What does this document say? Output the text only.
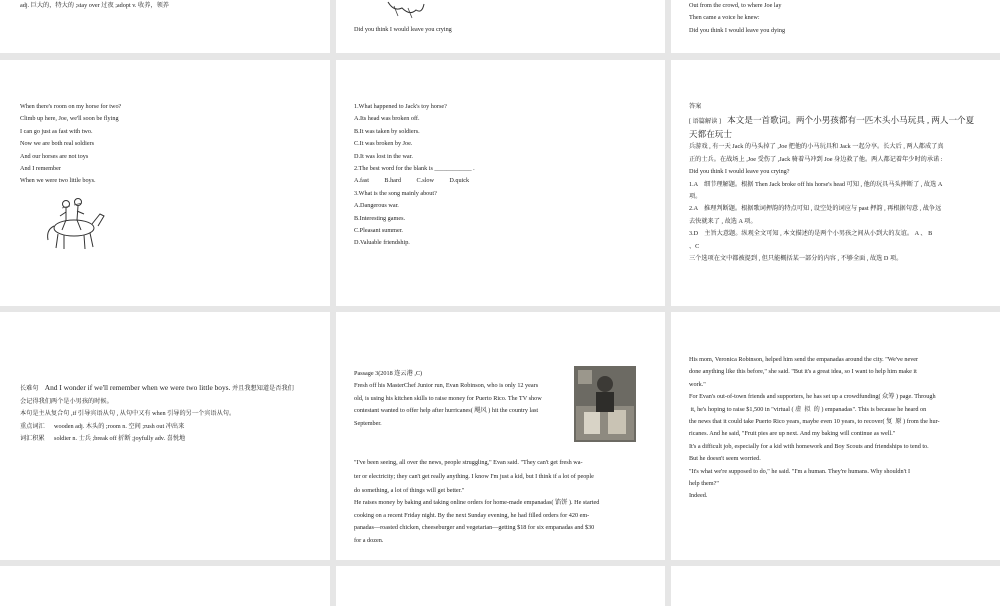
adj. 巨大的，特大的 ;stay over 过夜 ;adopt v. 收养，领养
Did you think I would leave you crying
Out from the crowd, to where Joe lay
Then came a voice he knew:
Did you think I would leave you dying
When there's room on my horse for two?
Climb up here, Joe, we'll soon be flying
I can go just as fast with two.
Now we are both real soldiers
And our horses are not toys
And I remember
When we were two little boys.
1.What happened to Jack's toy horse?
A.Its head was broken off.
B.It was taken by soldiers.
C.It was broken by Joe.
D.It was lost in the war.
2.The best word for the blank is ____________ .
A.fast          B.hard          C.slow          D.quick
3.What is the song mainly about?
A.Dangerous war.
B.Interesting games.
C.Pleasant summer.
D.Valuable friendship.
答案
[ 语篇解读 ] 本文是一首歌词。两个小男孩都有一匹木头小马玩具 , 两人一个夏
天都在玩士
兵游戏 , 有一天 Jack 的马头掉了 ,Joe 把他的小马玩具和 Jack 一起分享。长大后 , 两人都成了真
正的士兵。在战场上 ,Joe 受伤了 ,Jack 骑着马冲到 Joe 身边救了他。两人都记着年少时的承诺 :
Did you think I would leave you crying?
1.A    细节理解题。根据 Then Jack broke off his horse's head 可知 , 他的玩具马头摔断了 , 故选 A
项。
2.A    推理判断题。根据歌词押韵的特点可知 , 设空处的词应与 past 押韵 , 再根据句意 , 战争远
去快就来了 , 故选 A 项。
3.D    主旨大意题。纵观全文可知 , 本文描述的是两个小男孩之间从小到大的友谊。 A 、 B
、C
三个选项在文中都被提到 , 但只能概括某一部分的内容 , 不够全面 , 故选 D 项。
长难句 And I wonder if we'll remember when we were two little boys. 并且我想知道是否我们
会记得我们两个是小男孩的时候。
本句是主从复合句 ,if 引导宾语从句 , 从句中又有 when 引导的另一个宾语从句。
重点词汇      wooden adj. 木头的 ;room n. 空间 ;rush out 冲出来
词汇积累      soldier n. 士兵 ;break off 折断 ;joyfully adv. 喜悦地
Passage 3(2018 连云港 ,C)
Fresh off his MasterChef Junior run, Evan Robinson, who is only 12 years
old, is using his kitchen skills to raise money for Puerto Rico. The TV show
contestant wanted to offer help after hurricanes( 飓风 ) hit the country last
September.
"I've been seeing, all over the news, people struggling," Evan said. "They can't get fresh wa-
ter or electricity; they can't get really anything. I know I'm just a kid, but I think if a lot of people
do something, a lot of things will get better."
He raises money by baking and taking online orders for home-made empanadas( 馅饼 ). He started
cooking on a recent Friday night. By the next Sunday evening, he had filled orders for 420 em-
panadas—roasted chicken, cheeseburger and vegetarian—getting $18 for six empanadas and $30
for a dozen.
His mom, Veronica Robinson, helped him send the empanadas around the city. "We've never
done anything like this before," she said. "But it's a great idea, so I want to help him make it
work."
For Evan's out-of-town friends and supporters, he has set up a crowdfunding( 众筹 ) page. Through
it, he's hoping to raise $1,500 in "virtual ( 虚  拟  的 ) empanadas". This is because he heard on
the news that it could take Puerto Rico years, maybe even 10 years, to recover( 复  原 ) from the hur-
ricanes. And he said, "Fruit pies are up next. And my baking will continue as well."
It's a difficult job, especially for a kid with homework and Boy Scouts and friendships to tend to.
But he doesn't seem worried.
"It's what we're supposed to do," he said. "I'm a human. They're humans. Why shouldn't I
help them?"
Indeed.
